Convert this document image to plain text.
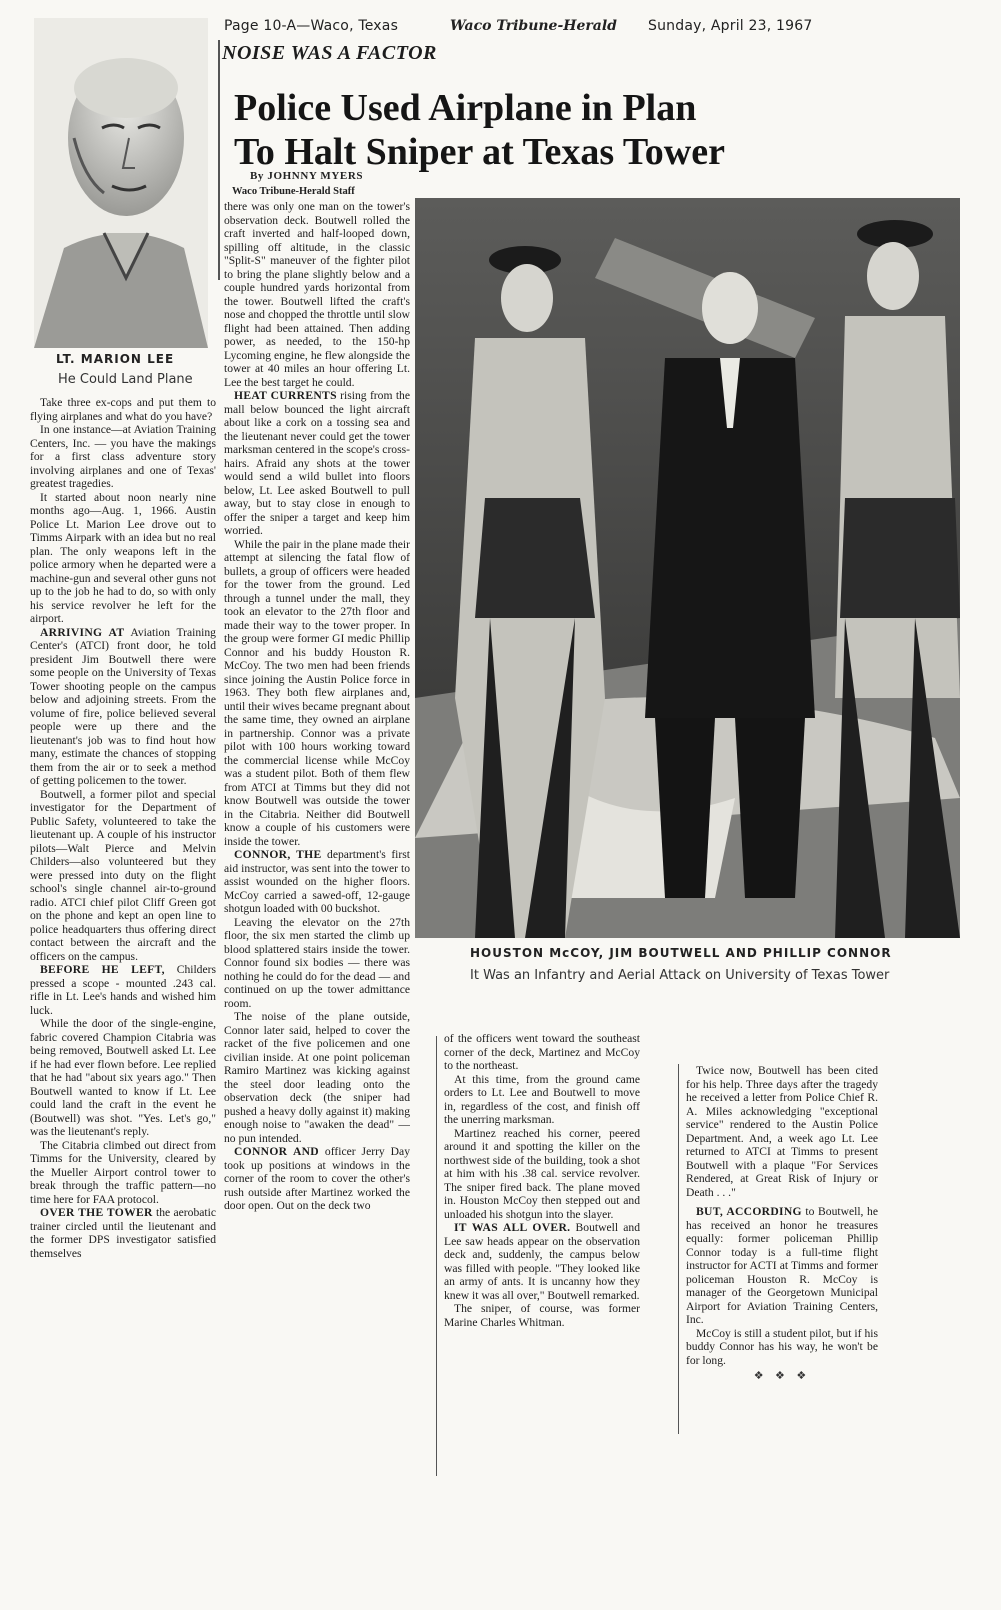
Page 10-A—Waco, Texas	Waco Tribune-Herald Sunday, April 23, 1967
LT. MARION LEE
He Could Land Plane
NOISE WAS A FACTOR
Police Used Airplane in Plan
To Halt Sniper at Texas Tower
By JOHNNY MYERS
Waco Tribune-Herald Staff
HOUSTON McCOY, JIM BOUTWELL AND PHILLIP CONNOR
It Was an Infantry and Aerial Attack on University of Texas Tower

Take three ex-cops and put them to flying airplanes and what do you have?

In one instance—at Aviation Training Centers, Inc. — you have the makings for a first class adventure story involving airplanes and one of Texas' greatest tragedies.

It started about noon nearly nine months ago—Aug. 1, 1966. Austin Police Lt. Marion Lee drove out to Timms Airpark with an idea but no real plan. The only weapons left in the police armory when he departed were a machine-gun and several other guns not up to the job he had to do, so with only his service revolver he left for the airport.

ARRIVING AT Aviation Training Center's (ATCI) front door, he told president Jim Boutwell there were some people on the University of Texas Tower shooting people on the campus below and adjoining streets. From the volume of fire, police believed several people were up there and the lieutenant's job was to find hout how many, estimate the chances of stopping them from the air or to seek a method of getting policemen to the tower.

Boutwell, a former pilot and special investigator for the Department of Public Safety, volunteered to take the lieutenant up. A couple of his instructor pilots—Walt Pierce and Melvin Childers—also volunteered but they were pressed into duty on the flight school's single channel air-to-ground radio. ATCI chief pilot Cliff Green got on the phone and kept an open line to police headquarters thus offering direct contact between the aircraft and the officers on the campus.

BEFORE HE LEFT, Childers pressed a scope - mounted .243 cal. rifle in Lt. Lee's hands and wished him luck.

While the door of the single-engine, fabric covered Champion Citabria was being removed, Boutwell asked Lt. Lee if he had ever flown before. Lee replied that he had "about six years ago." Then Boutwell wanted to know if Lt. Lee could land the craft in the event he (Boutwell) was shot. "Yes. Let's go," was the lieutenant's reply.

The Citabria climbed out direct from Timms for the University, cleared by the Mueller Airport control tower to break through the traffic pattern—no time here for FAA protocol.

OVER THE TOWER the aerobatic trainer circled until the lieutenant and the former DPS investigator satisfied themselves

there was only one man on the tower's observation deck. Boutwell rolled the craft inverted and half-looped down, spilling off altitude, in the classic "Split-S" maneuver of the fighter pilot to bring the plane slightly below and a couple hundred yards horizontal from the tower. Boutwell lifted the craft's nose and chopped the throttle until slow flight had been attained. Then adding power, as needed, to the 150-hp Lycoming engine, he flew alongside the tower at 40 miles an hour offering Lt. Lee the best target he could.

HEAT CURRENTS rising from the mall below bounced the light aircraft about like a cork on a tossing sea and the lieutenant never could get the tower marksman centered in the scope's cross-hairs. Afraid any shots at the tower would send a wild bullet into floors below, Lt. Lee asked Boutwell to pull away, but to stay close in enough to offer the sniper a target and keep him worried.

While the pair in the plane made their attempt at silencing the fatal flow of bullets, a group of officers were headed for the tower from the ground. Led through a tunnel under the mall, they took an elevator to the 27th floor and made their way to the tower proper. In the group were former GI medic Phillip Connor and his buddy Houston R. McCoy. The two men had been friends since joining the Austin Police force in 1963. They both flew airplanes and, until their wives became pregnant about the same time, they owned an airplane in partnership. Connor was a private pilot with 100 hours working toward the commercial license while McCoy was a student pilot. Both of them flew from ATCI at Timms but they did not know Boutwell was outside the tower in the Citabria. Neither did Boutwell know a couple of his customers were inside the tower.

CONNOR, THE department's first aid instructor, was sent into the tower to assist wounded on the higher floors. McCoy carried a sawed-off, 12-gauge shotgun loaded with 00 buckshot.

Leaving the elevator on the 27th floor, the six men started the climb up blood splattered stairs inside the tower. Connor found six bodies — there was nothing he could do for the dead — and continued on up the tower admittance room.

The noise of the plane outside, Connor later said, helped to cover the racket of the five policemen and one civilian inside. At one point policeman Ramiro Martinez was kicking against the steel door leading onto the observation deck (the sniper had pushed a heavy dolly against it) making enough noise to "awaken the dead" — no pun intended.

CONNOR AND officer Jerry Day took up positions at windows in the corner of the room to cover the other's rush outside after Martinez worked the door open. Out on the deck two

of the officers went toward the southeast corner of the deck, Martinez and McCoy to the northeast.

At this time, from the ground came orders to Lt. Lee and Boutwell to move in, regardless of the cost, and finish off the unerring marksman.

Martinez reached his corner, peered around it and spotting the killer on the northwest side of the building, took a shot at him with his .38 cal. service revolver. The sniper fired back. The plane moved in. Houston McCoy then stepped out and unloaded his shotgun into the slayer.

IT WAS ALL OVER. Boutwell and Lee saw heads appear on the observation deck and, suddenly, the campus below was filled with people. "They looked like an army of ants. It is uncanny how they knew it was all over," Boutwell remarked.

The sniper, of course, was former Marine Charles Whitman.

Twice now, Boutwell has been cited for his help. Three days after the tragedy he received a letter from Police Chief R. A. Miles acknowledging "exceptional service" rendered to the Austin Police Department. And, a week ago Lt. Lee returned to ATCI at Timms to present Boutwell with a plaque "For Services Rendered, at Great Risk of Injury or Death . . ."

BUT, ACCORDING to Boutwell, he has received an honor he treasures equally: former policeman Phillip Connor today is a full-time flight instructor for ACTI at Timms and former policeman Houston R. McCoy is manager of the Georgetown Municipal Airport for Aviation Training Centers, Inc.

McCoy is still a student pilot, but if his buddy Connor has his way, he won't be for long.

❖ ❖ ❖
